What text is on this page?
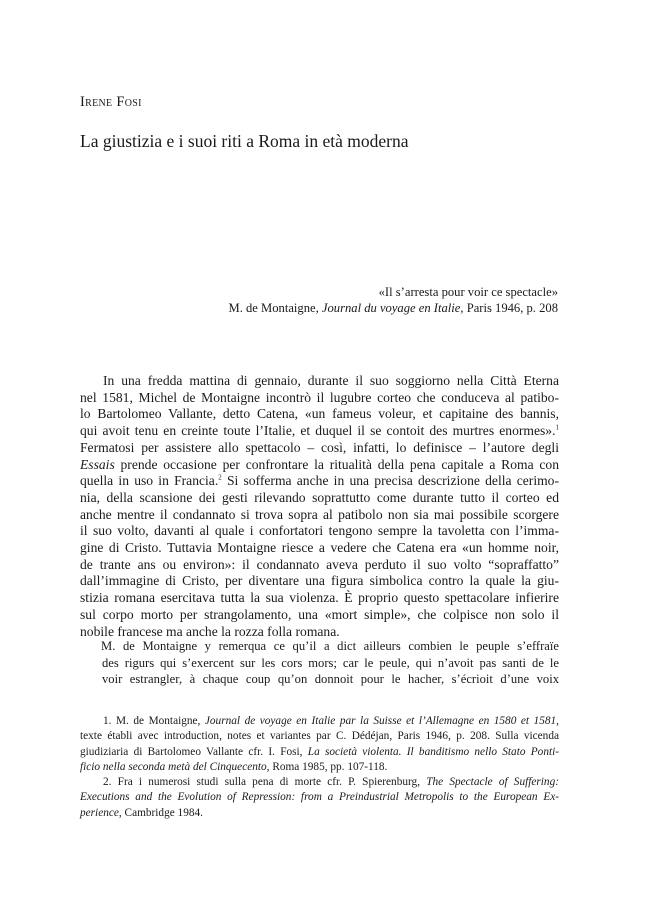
Irene Fosi
La giustizia e i suoi riti a Roma in età moderna
«Il s’arresta pour voir ce spectacle»
M. de Montaigne, Journal du voyage en Italie, Paris 1946, p. 208
In una fredda mattina di gennaio, durante il suo soggiorno nella Città Eterna
nel 1581, Michel de Montaigne incontrò il lugubre corteo che conduceva al patibo-
lo Bartolomeo Vallante, detto Catena, «un fameus voleur, et capitaine des bannis,
qui avoit tenu en creinte toute l’Italie, et duquel il se contoit des murtres enormes».$^1$
Fermatosi per assistere allo spettacolo – così, infatti, lo definisce – l’autore degli
Essais prende occasione per confrontare la ritualità della pena capitale a Roma con
quella in uso in Francia.$^2$ Si sofferma anche in una precisa descrizione della cerimo-
nia, della scansione dei gesti rilevando soprattutto come durante tutto il corteo ed
anche mentre il condannato si trova sopra al patibolo non sia mai possibile scorgere
il suo volto, davanti al quale i confortatori tengono sempre la tavoletta con l’imma-
gine di Cristo. Tuttavia Montaigne riesce a vedere che Catena era «un homme noir,
de trante ans ou environ»: il condannato aveva perduto il suo volto “sopraffatto”
dall’immagine di Cristo, per diventare una figura simbolica contro la quale la giu-
stizia romana esercitava tutta la sua violenza. È proprio questo spettacolare infierire
sul corpo morto per strangolamento, una «mort simple», che colpisce non solo il
nobile francese ma anche la rozza folla romana.
M. de Montaigne y remerqua ce qu’il a dict ailleurs combien le peuple s’effraïe
des rigurs qui s’exercent sur les cors mors; car le peule, qui n’avoit pas santi de le
voir estrangler, à chaque coup qu’on donnoit pour le hacher, s’écrioit d’une voix
1. M. de Montaigne, Journal de voyage en Italie par la Suisse et l’Allemagne en 1580 et 1581,
texte établi avec introduction, notes et variantes par C. Dédéjan, Paris 1946, p. 208. Sulla vicenda
giudiziaria di Bartolomeo Vallante cfr. I. Fosi, La società violenta. Il banditismo nello Stato Ponti-
ficio nella seconda metà del Cinquecento, Roma 1985, pp. 107-118.
2. Fra i numerosi studi sulla pena di morte cfr. P. Spierenburg, The Spectacle of Suffering:
Executions and the Evolution of Repression: from a Preindustrial Metropolis to the European Ex-
perience, Cambridge 1984.
